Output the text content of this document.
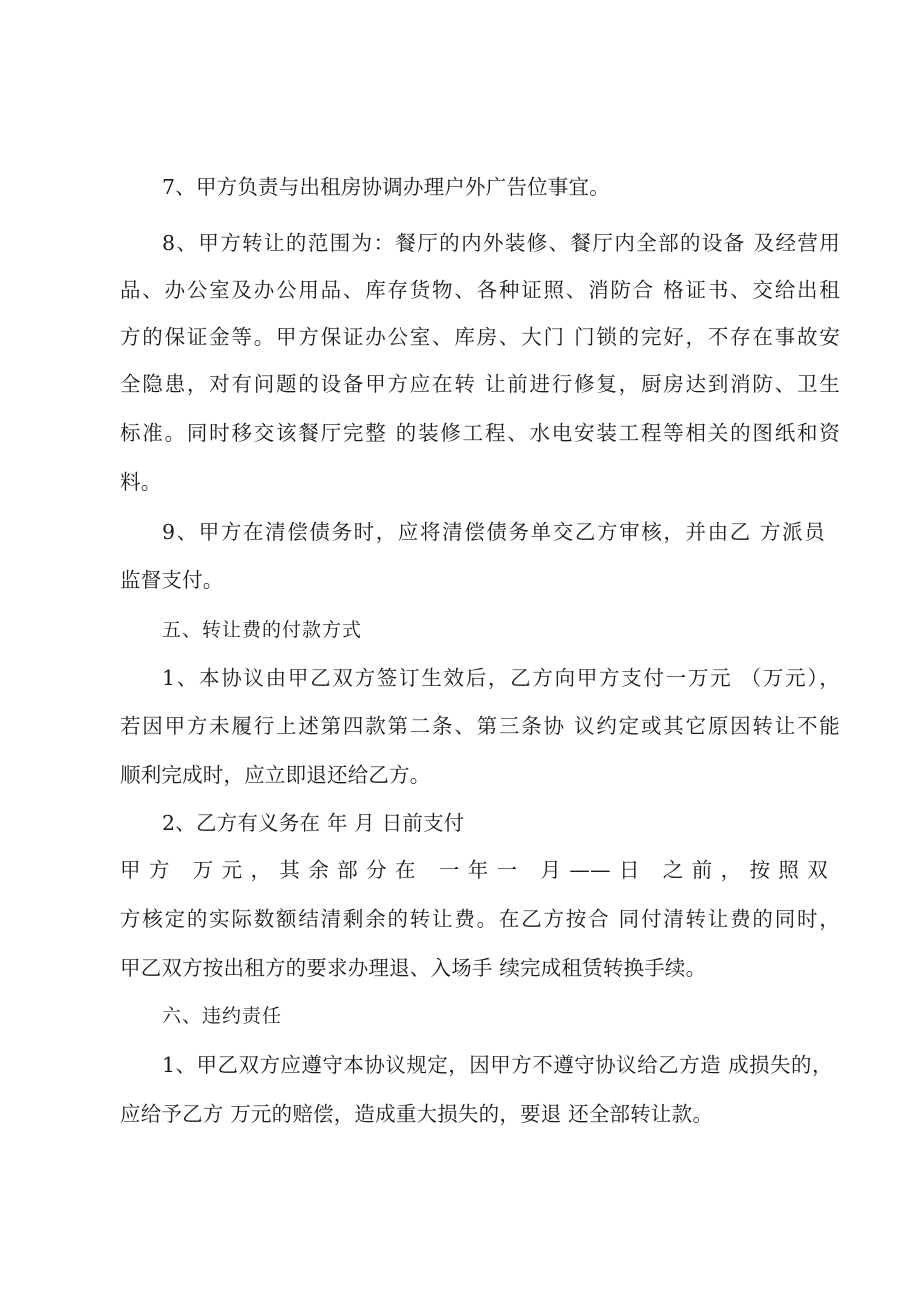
7、甲方负责与出租房协调办理户外广告位事宜。
8、甲方转让的范围为：餐厅的内外装修、餐厅内全部的设备 及经营用
品、办公室及办公用品、库存货物、各种证照、消防合 格证书、交给出租
方的保证金等。甲方保证办公室、库房、大门 门锁的完好，不存在事故安
全隐患，对有问题的设备甲方应在转 让前进行修复，厨房达到消防、卫生
标准。同时移交该餐厅完整 的装修工程、水电安装工程等相关的图纸和资
料。
9、甲方在清偿债务时，应将清偿债务单交乙方审核，并由乙 方派员
监督支付。
五、转让费的付款方式
1、本协议由甲乙双方签订生效后，乙方向甲方支付一万元 （万元），
若因甲方未履行上述第四款第二条、第三条协 议约定或其它原因转让不能
顺利完成时，应立即退还给乙方。
2、乙方有义务在 年 月 日前支付
甲方 万元，其余部分在 一年一 月——日 之前，按照双
方核定的实际数额结清剩余的转让费。在乙方按合 同付清转让费的同时，
甲乙双方按出租方的要求办理退、入场手 续完成租赁转换手续。
六、违约责任
1、甲乙双方应遵守本协议规定，因甲方不遵守协议给乙方造 成损失的，
应给予乙方 万元的赔偿，造成重大损失的，要退 还全部转让款。
